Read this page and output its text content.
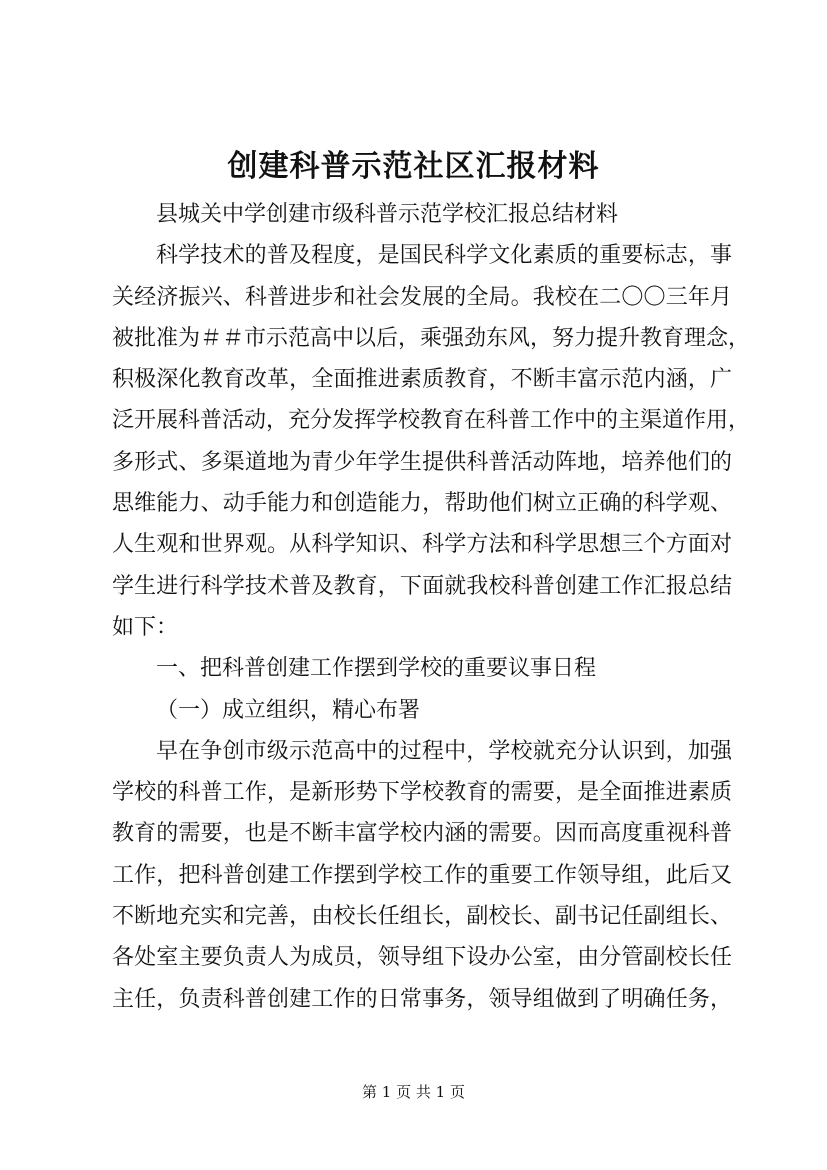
创建科普示范社区汇报材料
县城关中学创建市级科普示范学校汇报总结材料
科学技术的普及程度，是国民科学文化素质的重要标志，事
关经济振兴、科普进步和社会发展的全局。我校在二〇〇三年月
被批准为＃＃市示范高中以后，乘强劲东风，努力提升教育理念，
积极深化教育改革，全面推进素质教育，不断丰富示范内涵，广
泛开展科普活动，充分发挥学校教育在科普工作中的主渠道作用，
多形式、多渠道地为青少年学生提供科普活动阵地，培养他们的
思维能力、动手能力和创造能力，帮助他们树立正确的科学观、
人生观和世界观。从科学知识、科学方法和科学思想三个方面对
学生进行科学技术普及教育，下面就我校科普创建工作汇报总结
如下：
一、把科普创建工作摆到学校的重要议事日程
（一）成立组织，精心布署
早在争创市级示范高中的过程中，学校就充分认识到，加强
学校的科普工作，是新形势下学校教育的需要，是全面推进素质
教育的需要，也是不断丰富学校内涵的需要。因而高度重视科普
工作，把科普创建工作摆到学校工作的重要工作领导组，此后又
不断地充实和完善，由校长任组长，副校长、副书记任副组长、
各处室主要负责人为成员，领导组下设办公室，由分管副校长任
主任，负责科普创建工作的日常事务，领导组做到了明确任务，
第 1 页 共 1 页
